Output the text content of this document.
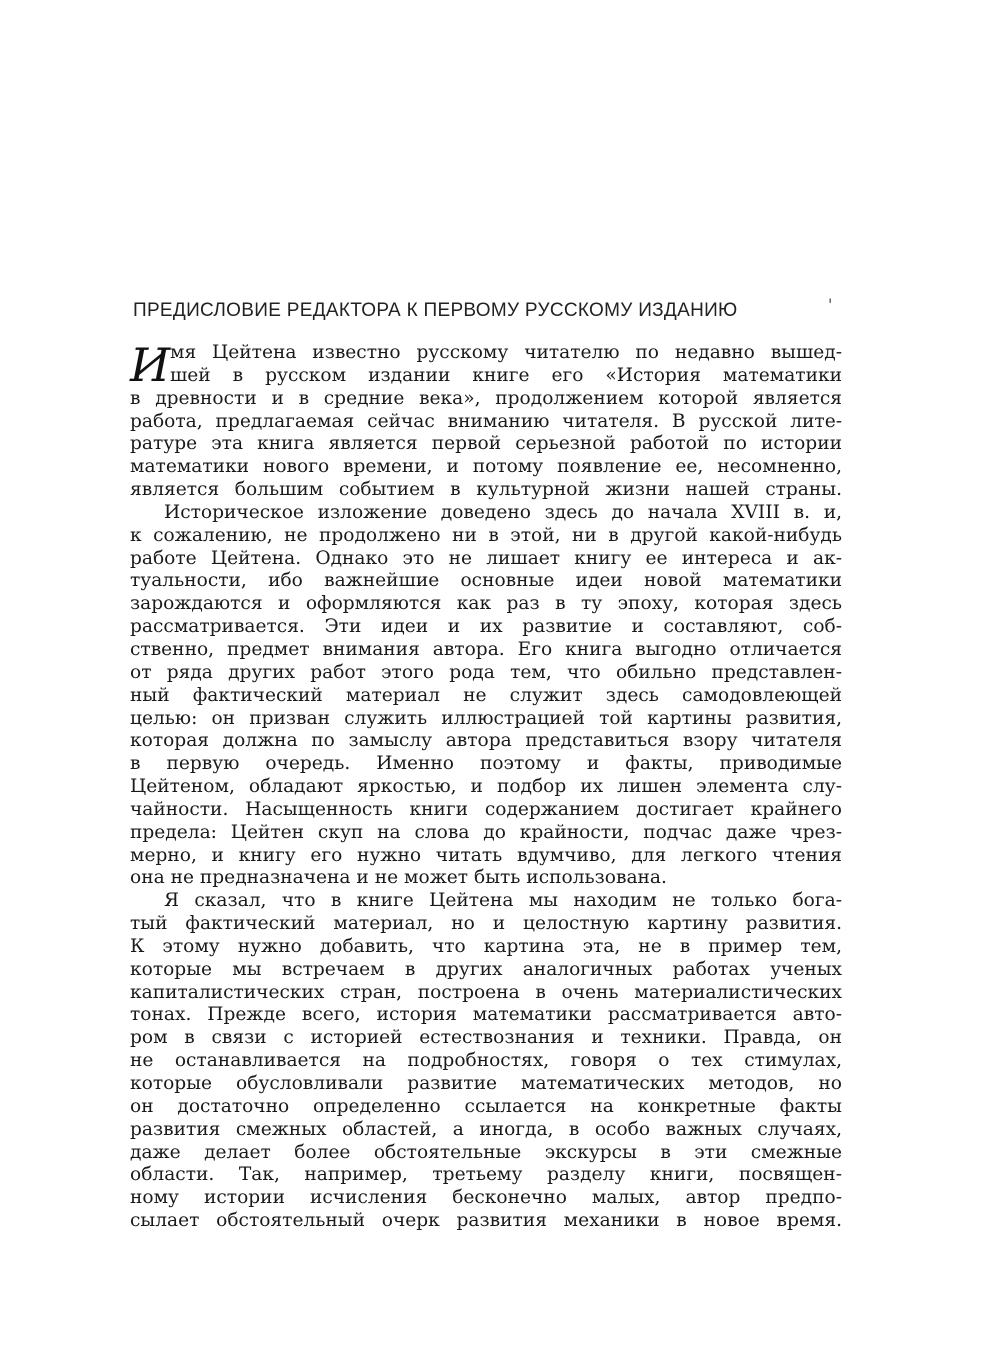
ПРЕДИСЛОВИЕ РЕДАКТОРА К ПЕРВОМУ РУССКОМУ ИЗДАНИЮ	'
И мя Цейтена известно русскому читателю по недавно вышед-
шей в русском издании книге его «История математики
в древности и в средние века», продолжением которой является
работа, предлагаемая сейчас вниманию читателя. В русской лите-
ратуре эта книга является первой серьезной работой по истории
математики нового времени, и потому появление ее, несомненно,
является большим событием в культурной жизни нашей страны.
Историческое изложение доведено здесь до начала XVIII в. и,
к сожалению, не продолжено ни в этой, ни в другой какой-нибудь
работе Цейтена. Однако это не лишает книгу ее интереса и ак-
туальности, ибо важнейшие основные идеи новой математики
зарождаются и оформляются как раз в ту эпоху, которая здесь
рассматривается. Эти идеи и их развитие и составляют, соб-
ственно, предмет внимания автора. Его книга выгодно отличается
от ряда других работ этого рода тем, что обильно представлен-
ный фактический материал не служит здесь самодовлеющей
целью: он призван служить иллюстрацией той картины развития,
которая должна по замыслу автора представиться взору читателя
в первую очередь. Именно поэтому и факты, приводимые
Цейтеном, обладают яркостью, и подбор их лишен элемента слу-
чайности. Насыщенность книги содержанием достигает крайнего
предела: Цейтен скуп на слова до крайности, подчас даже чрез-
мерно, и книгу его нужно читать вдумчиво, для легкого чтения
она не предназначена и не может быть использована.
Я сказал, что в книге Цейтена мы находим не только бога-
тый фактический материал, но и целостную картину развития.
К этому нужно добавить, что картина эта, не в пример тем,
которые мы встречаем в других аналогичных работах ученых
капиталистических стран, построена в очень материалистических
тонах. Прежде всего, история математики рассматривается авто-
ром в связи с историей естествознания и техники. Правда, он
не останавливается на подробностях, говоря о тех стимулах,
которые обусловливали развитие математических методов, но
он достаточно определенно ссылается на конкретные факты
развития смежных областей, а иногда, в особо важных случаях,
даже делает более обстоятельные экскурсы в эти смежные
области. Так, например, третьему разделу книги, посвящен-
ному истории исчисления бесконечно малых, автор предпо-
сылает обстоятельный очерк развития механики в новое время.
